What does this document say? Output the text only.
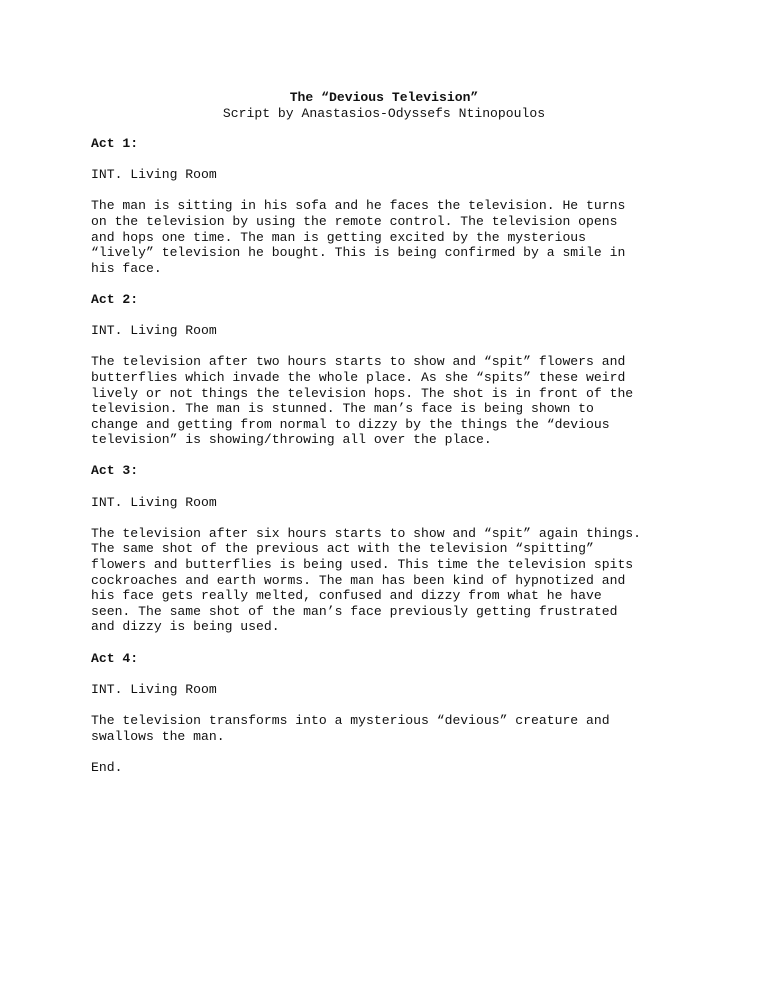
The “Devious Television”

Script by Anastasios-Odyssefs Ntinopoulos

Act 1:

INT. Living Room

The man is sitting in his sofa and he faces the television. He turns
on the television by using the remote control. The television opens
and hops one time. The man is getting excited by the mysterious
“lively” television he bought. This is being confirmed by a smile in
his face.

Act 2:

INT. Living Room

The television after two hours starts to show and “spit” flowers and
butterflies which invade the whole place. As she “spits” these weird
lively or not things the television hops. The shot is in front of the
television. The man is stunned. The man’s face is being shown to
change and getting from normal to dizzy by the things the “devious
television” is showing/throwing all over the place.

Act 3:

INT. Living Room

The television after six hours starts to show and “spit” again things.
The same shot of the previous act with the television “spitting”
flowers and butterflies is being used. This time the television spits
cockroaches and earth worms. The man has been kind of hypnotized and
his face gets really melted, confused and dizzy from what he have
seen. The same shot of the man’s face previously getting frustrated
and dizzy is being used.

Act 4:

INT. Living Room

The television transforms into a mysterious “devious” creature and
swallows the man.

End.
